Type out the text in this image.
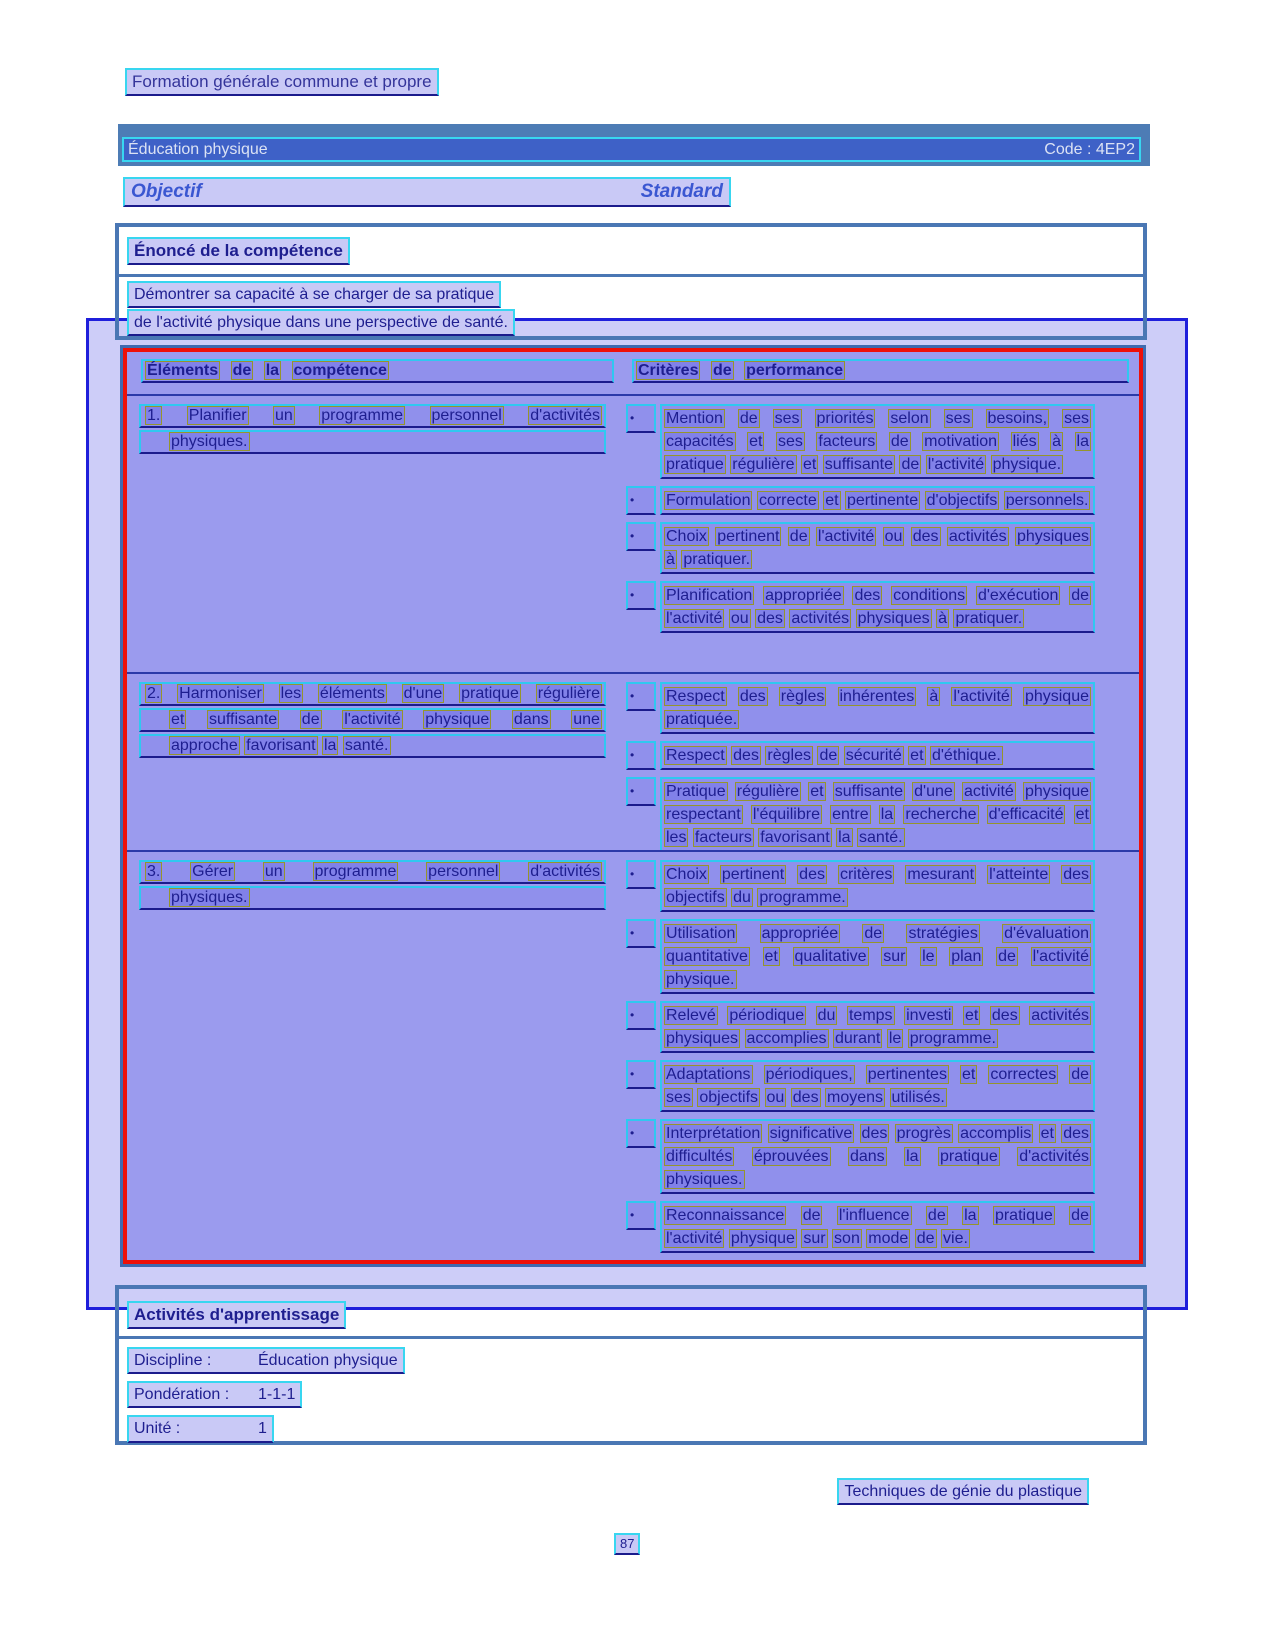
Formation générale commune et propre
Éducation physique	Code : 4EP2
Objectif	Standard
Énoncé de la compétence
Démontrer sa capacité à se charger de sa pratique
de l'activité physique dans une perspective de santé.
Éléments de la compétence	Critères de performance
1. Planifier un programme personnel d'activités
physiques.
•	Mention de ses priorités selon ses besoins, ses capacités et ses facteurs de motivation liés à la pratique régulière et suffisante de l'activité physique.
•	Formulation correcte et pertinente d'objectifs personnels.
•	Choix pertinent de l'activité ou des activités physiques à pratiquer.
•	Planification appropriée des conditions d'exécution de l'activité ou des activités physiques à pratiquer.
2. Harmoniser les éléments d'une pratique régulière
et suffisante de l'activité physique dans une
approche favorisant la santé.
•	Respect des règles inhérentes à l'activité physique pratiquée.
•	Respect des règles de sécurité et d'éthique.
•	Pratique régulière et suffisante d'une activité physique respectant l'équilibre entre la recherche d'efficacité et les facteurs favorisant la santé.
3. Gérer un programme personnel d'activités
physiques.
•	Choix pertinent des critères mesurant l'atteinte des objectifs du programme.
•	Utilisation appropriée de stratégies d'évaluation quantitative et qualitative sur le plan de l'activité physique.
•	Relevé périodique du temps investi et des activités physiques accomplies durant le programme.
•	Adaptations périodiques, pertinentes et correctes de ses objectifs ou des moyens utilisés.
•	Interprétation significative des progrès accomplis et des difficultés éprouvées dans la pratique d'activités physiques.
•	Reconnaissance de l'influence de la pratique de l'activité physique sur son mode de vie.
Activités d'apprentissage
Discipline :	Éducation physique
Pondération : 1-1-1
Unité :	1
Techniques de génie du plastique
87
